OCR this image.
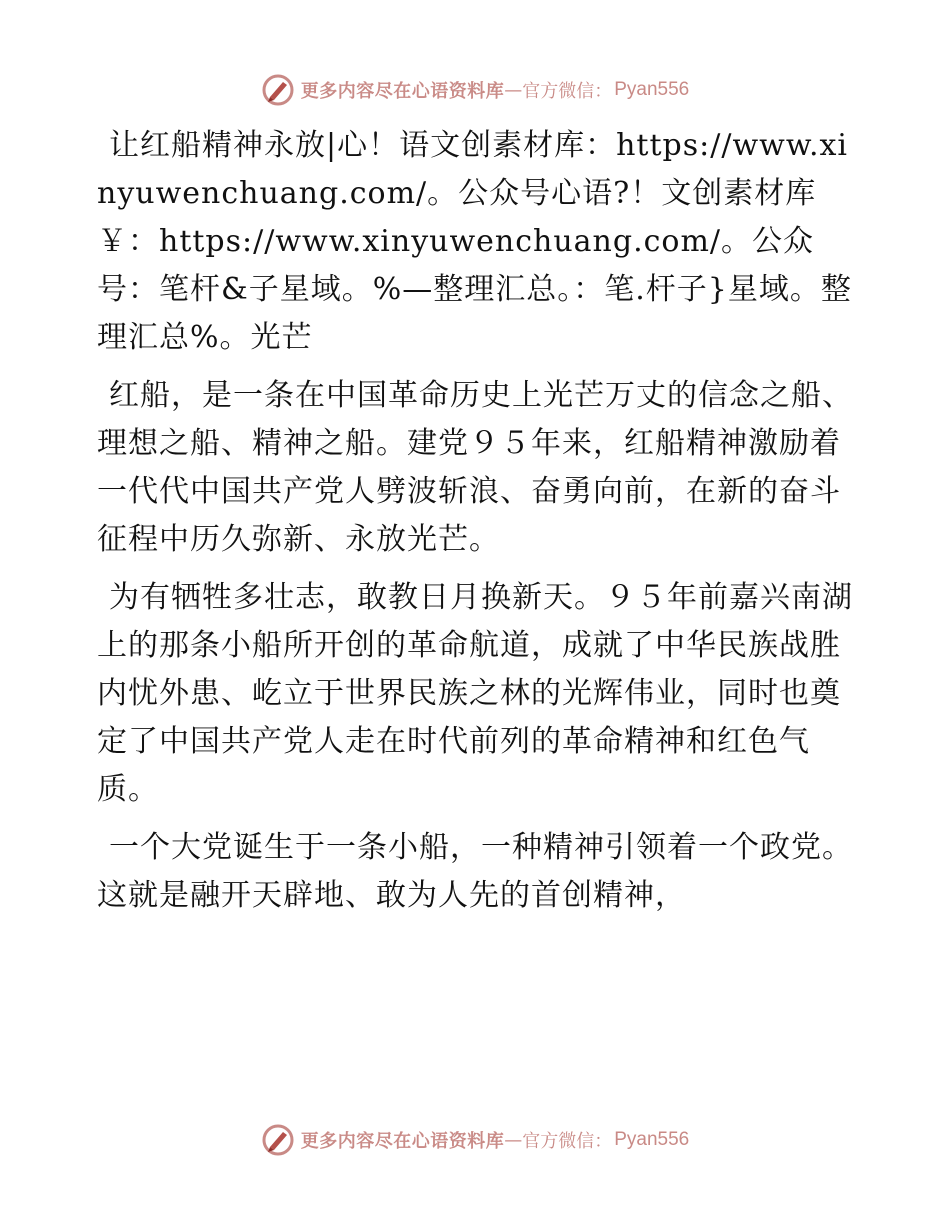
更多内容尽在心语资料库 — 官方微信： Pyan556

让红船精神永放|心！语文创素材库：https://www.xinyuwenchuang.com/。公众号心语?！文创素材库￥：https://www.xinyuwenchuang.com/。公众号：笔杆&子星域。%—整理汇总。：笔.杆子}星域。整理汇总%。光芒

红船，是一条在中国革命历史上光芒万丈的信念之船、理想之船、精神之船。建党９５年来，红船精神激励着一代代中国共产党人劈波斩浪、奋勇向前，在新的奋斗征程中历久弥新、永放光芒。

为有牺牲多壮志，敢教日月换新天。９５年前嘉兴南湖上的那条小船所开创的革命航道，成就了中华民族战胜内忧外患、屹立于世界民族之林的光辉伟业，同时也奠定了中国共产党人走在时代前列的革命精神和红色气质。

一个大党诞生于一条小船，一种精神引领着一个政党。这就是融开天辟地、敢为人先的首创精神，

更多内容尽在心语资料库 — 官方微信： Pyan556
